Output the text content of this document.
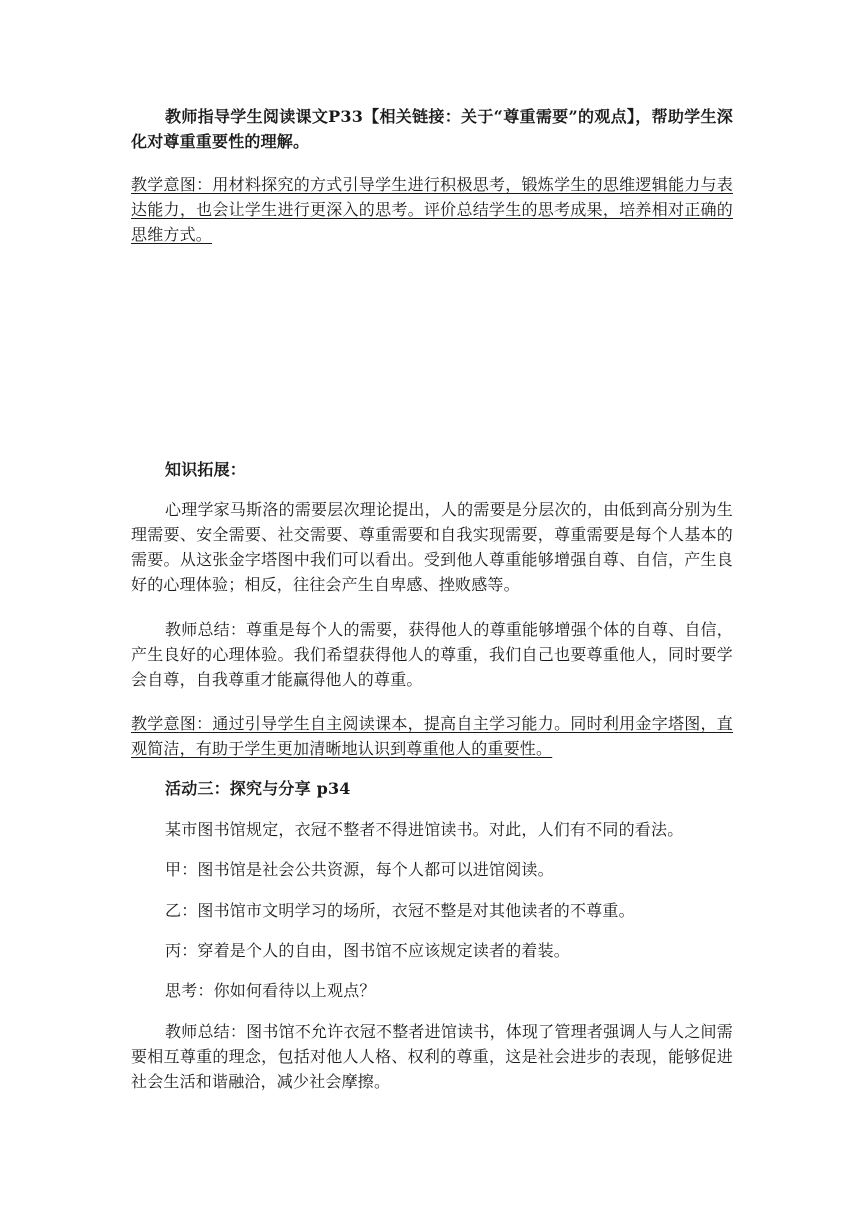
教师指导学生阅读课文P33【相关链接：关于“尊重需要”的观点】，帮助学生深化对尊重重要性的理解。

教学意图：用材料探究的方式引导学生进行积极思考，锻炼学生的思维逻辑能力与表达能力，也会让学生进行更深入的思考。评价总结学生的思考成果，培养相对正确的思维方式。

知识拓展：

心理学家马斯洛的需要层次理论提出，人的需要是分层次的，由低到高分别为生理需要、安全需要、社交需要、尊重需要和自我实现需要，尊重需要是每个人基本的需要。从这张金字塔图中我们可以看出。受到他人尊重能够增强自尊、自信，产生良好的心理体验；相反，往往会产生自卑感、挫败感等。

教师总结：尊重是每个人的需要，获得他人的尊重能够增强个体的自尊、自信，产生良好的心理体验。我们希望获得他人的尊重，我们自己也要尊重他人，同时要学会自尊，自我尊重才能赢得他人的尊重。

教学意图：通过引导学生自主阅读课本，提高自主学习能力。同时利用金字塔图，直观简洁，有助于学生更加清晰地认识到尊重他人的重要性。

活动三：探究与分享 p34

某市图书馆规定，衣冠不整者不得进馆读书。对此，人们有不同的看法。

甲：图书馆是社会公共资源，每个人都可以进馆阅读。

乙：图书馆市文明学习的场所，衣冠不整是对其他读者的不尊重。

丙：穿着是个人的自由，图书馆不应该规定读者的着装。

思考：你如何看待以上观点？

教师总结：图书馆不允许衣冠不整者进馆读书，体现了管理者强调人与人之间需要相互尊重的理念，包括对他人人格、权利的尊重，这是社会进步的表现，能够促进社会生活和谐融洽，减少社会摩擦。
